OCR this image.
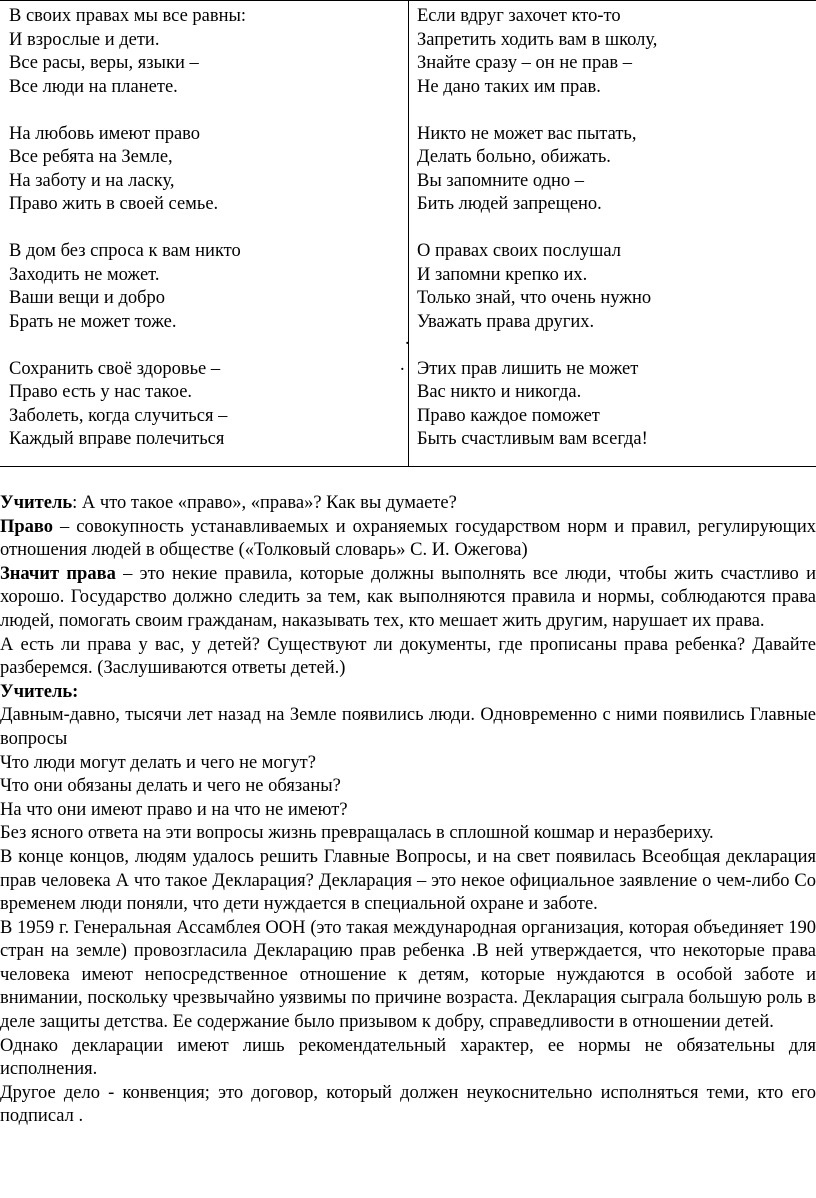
В своих правах мы все равны:
И взрослые и дети.
Все расы, веры, языки –
Все люди на планете.
На любовь имеют право
Все ребята на Земле,
На заботу и на ласку,
Право жить в своей семье.
В дом без спроса к вам никто
Заходить не может.
Ваши вещи и добро
Брать не может тоже.
Сохранить своё здоровье –
Право есть у нас такое.
Заболеть, когда случиться –
Каждый вправе полечиться

Если вдруг захочет кто-то
Запретить ходить вам в школу,
Знайте сразу – он не прав –
Не дано таких им прав.
Никто не может вас пытать,
Делать больно, обижать.
Вы запомните одно –
Бить людей запрещено.
О правах своих послушал
И запомни крепко их.
Только знай, что очень нужно
Уважать права других.
Этих прав лишить не может
Вас никто и никогда.
Право каждое поможет
Быть счастливым вам всегда!
.
.

Учитель: А что такое «право», «права»? Как вы думаете?

Право – совокупность устанавливаемых и охраняемых государством норм и правил, регулирующих отношения людей в обществе («Толковый словарь» С. И. Ожегова)

Значит права – это некие правила, которые должны выполнять все люди, чтобы жить счастливо и хорошо. Государство должно следить за тем, как выполняются правила и нормы, соблюдаются права людей, помогать своим гражданам, наказывать тех, кто мешает жить другим, нарушает их права.

А есть ли права у вас, у детей? Существуют ли документы, где прописаны права ребенка? Давайте разберемся. (Заслушиваются ответы детей.)

Учитель:

Давным-давно, тысячи лет назад на Земле появились люди. Одновременно с ними появились Главные вопросы

Что люди могут делать и чего не могут?

Что они обязаны делать и чего не обязаны?

На что они имеют право и на что не имеют?

Без ясного ответа на эти вопросы жизнь превращалась в сплошной кошмар и неразбериху.

В конце концов, людям удалось решить Главные Вопросы, и на свет появилась Всеобщая декларация прав человека А что такое Декларация? Декларация – это некое официальное заявление о чем-либо Со временем люди поняли, что дети нуждается в специальной охране и заботе.

В 1959 г. Генеральная Ассамблея ООН (это такая международная организация, которая объединяет 190 стран на земле) провозгласила Декларацию прав ребенка .В ней утверждается, что некоторые права человека имеют непосредственное отношение к детям, которые нуждаются в особой заботе и внимании, поскольку чрезвычайно уязвимы по причине возраста. Декларация сыграла большую роль в деле защиты детства. Ее содержание было призывом к добру, справедливости в отношении детей.

Однако декларации имеют лишь рекомендательный характер, ее нормы не обязательны для исполнения.

Другое дело - конвенция; это договор, который должен неукоснительно исполняться теми, кто его подписал .
